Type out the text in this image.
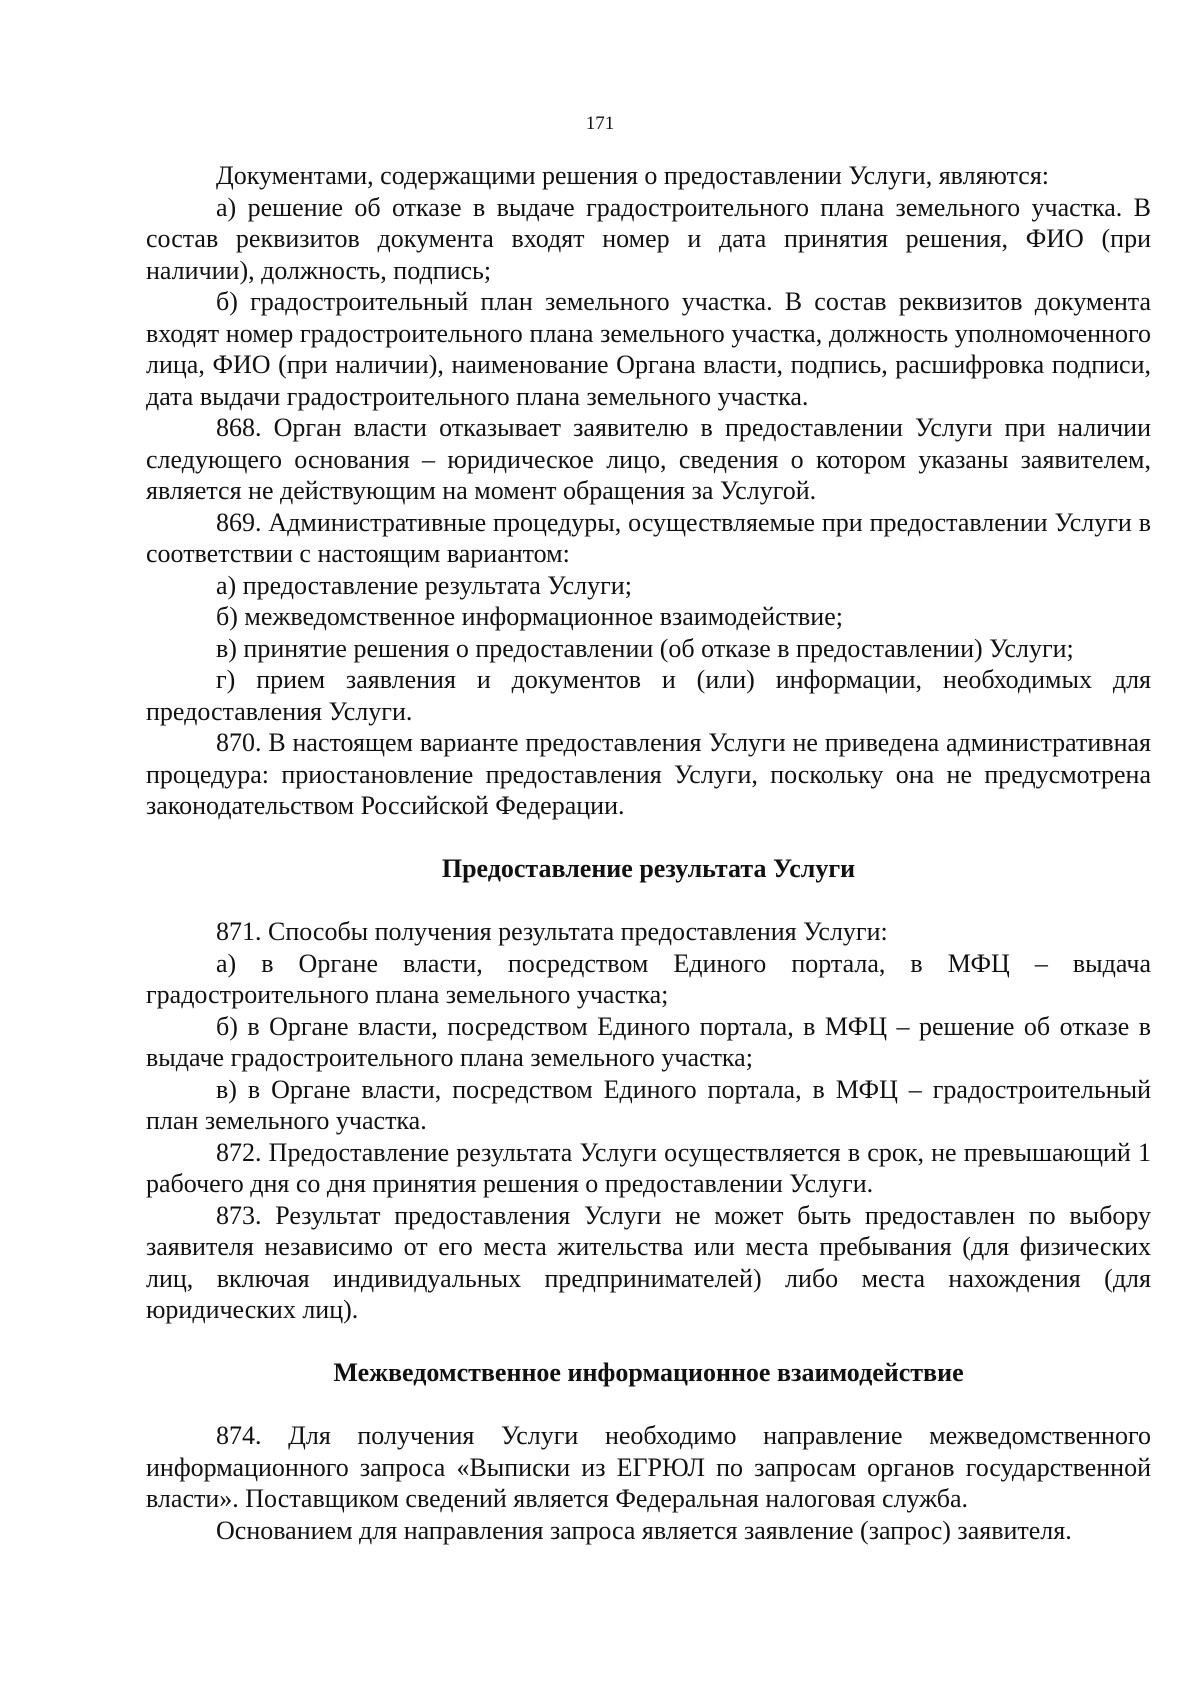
171

Документами, содержащими решения о предоставлении Услуги, являются:

а) решение об отказе в выдаче градостроительного плана земельного участка. В состав реквизитов документа входят номер и дата принятия решения, ФИО (при наличии), должность, подпись;

б) градостроительный план земельного участка. В состав реквизитов документа входят номер градостроительного плана земельного участка, должность уполномоченного лица, ФИО (при наличии), наименование Органа власти, подпись, расшифровка подписи, дата выдачи градостроительного плана земельного участка.

868. Орган власти отказывает заявителю в предоставлении Услуги при наличии следующего основания – юридическое лицо, сведения о котором указаны заявителем, является не действующим на момент обращения за Услугой.

869. Административные процедуры, осуществляемые при предоставлении Услуги в соответствии с настоящим вариантом:

а) предоставление результата Услуги;

б) межведомственное информационное взаимодействие;

в) принятие решения о предоставлении (об отказе в предоставлении) Услуги;

г) прием заявления и документов и (или) информации, необходимых для предоставления Услуги.

870. В настоящем варианте предоставления Услуги не приведена административная процедура: приостановление предоставления Услуги, поскольку она не предусмотрена законодательством Российской Федерации.

Предоставление результата Услуги

871. Способы получения результата предоставления Услуги:

а) в Органе власти, посредством Единого портала, в МФЦ – выдача градостроительного плана земельного участка;

б) в Органе власти, посредством Единого портала, в МФЦ – решение об отказе в выдаче градостроительного плана земельного участка;

в) в Органе власти, посредством Единого портала, в МФЦ – градостроительный план земельного участка.

872. Предоставление результата Услуги осуществляется в срок, не превышающий 1 рабочего дня со дня принятия решения о предоставлении Услуги.

873. Результат предоставления Услуги не может быть предоставлен по выбору заявителя независимо от его места жительства или места пребывания (для физических лиц, включая индивидуальных предпринимателей) либо места нахождения (для юридических лиц).

Межведомственное информационное взаимодействие

874. Для получения Услуги необходимо направление межведомственного информационного запроса «Выписки из ЕГРЮЛ по запросам органов государственной власти». Поставщиком сведений является Федеральная налоговая служба.

Основанием для направления запроса является заявление (запрос) заявителя.
